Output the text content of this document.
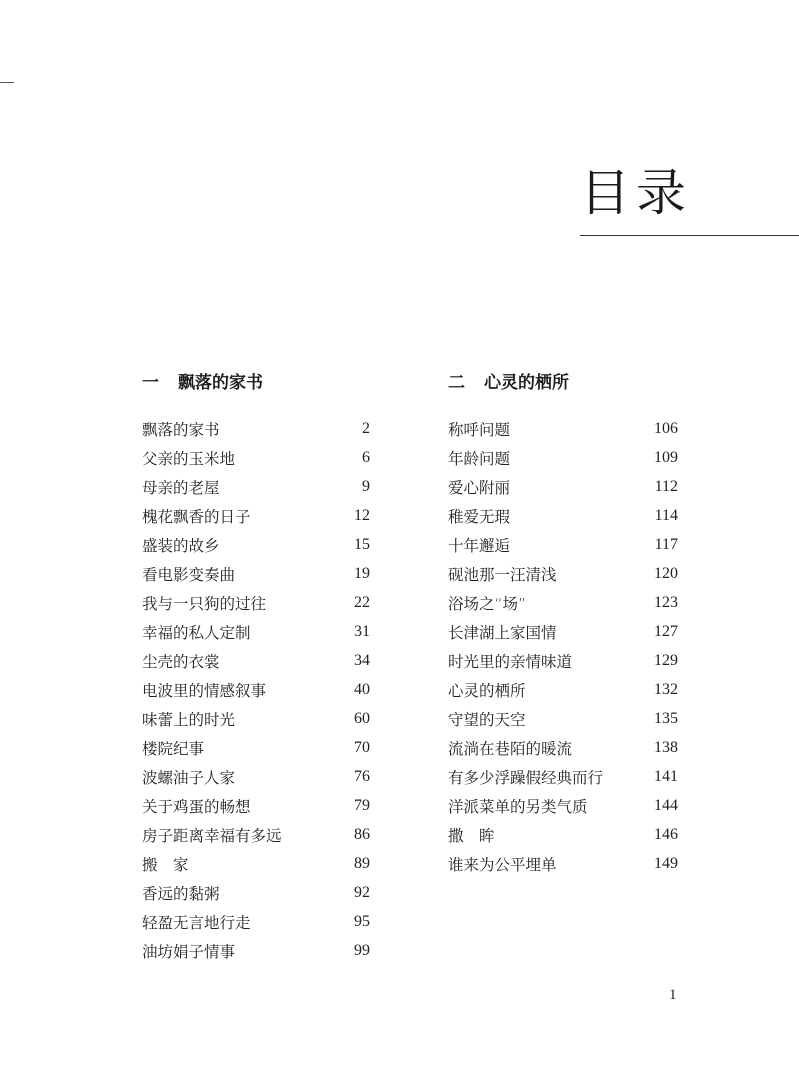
目录
一 飘落的家书
飘落的家书	2
父亲的玉米地	6
母亲的老屋	9
槐花飘香的日子	12
盛装的故乡	15
看电影变奏曲	19
我与一只狗的过往	22
幸福的私人定制	31
尘壳的衣裳	34
电波里的情感叙事	40
味蕾上的时光	60
楼院纪事	70
波螺油子人家	76
关于鸡蛋的畅想	79
房子距离幸福有多远	86
搬　家	89
香远的黏粥	92
轻盈无言地行走	95
油坊娟子情事	99
二 心灵的栖所
称呼问题	106
年龄问题	109
爱心附丽	112
稚爱无瑕	114
十年邂逅	117
砚池那一汪清浅	120
浴场之“场”	123
长津湖上家国情	127
时光里的亲情味道	129
心灵的栖所	132
守望的天空	135
流淌在巷陌的暖流	138
有多少浮躁假经典而行	141
洋派菜单的另类气质	144
撒　眸	146
谁来为公平埋单	149
1
